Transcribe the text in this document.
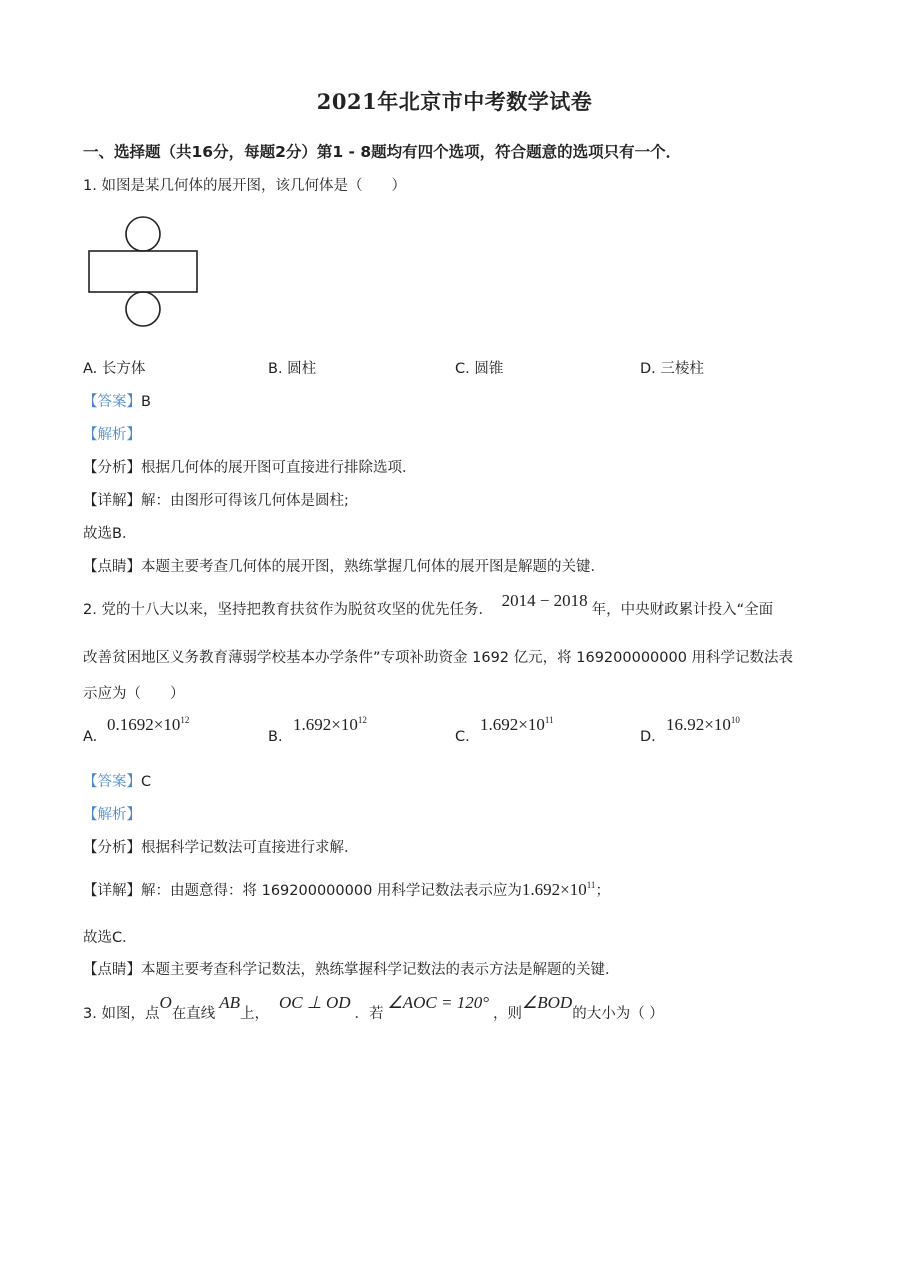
2021年北京市中考数学试卷
一、选择题（共16分，每题2分）第1 - 8题均有四个选项，符合题意的选项只有一个．
1. 如图是某几何体的展开图，该几何体是（　　）
A. 长方体	B. 圆柱	C. 圆锥	D. 三棱柱
【答案】B
【解析】
【分析】根据几何体的展开图可直接进行排除选项．
【详解】解：由图形可得该几何体是圆柱;
故选B．
【点睛】本题主要考查几何体的展开图，熟练掌握几何体的展开图是解题的关键．
2. 党的十八大以来，坚持把教育扶贫作为脱贫攻坚的优先任务． 2014 − 2018 年，中央财政累计投入“全面
改善贫困地区义务教育薄弱学校基本办学条件”专项补助资金 1692 亿元，将 169200000000 用科学记数法表
示应为（　　）
A.
$0.1692\times 10^{12}$
B.
$1.692\times 10^{12}$
C.
$1.692\times 10^{11}$
D.
$16.92\times 10^{10}$
【答案】C
【解析】
【分析】根据科学记数法可直接进行求解．
【详解】解：由题意得：将 169200000000 用科学记数法表示应为$1.692\times 10^{11}$；
故选C．
【点睛】本题主要考查科学记数法，熟练掌握科学记数法的表示方法是解题的关键．
3. 如图，点O在直线AB上，OC ⊥ OD．若∠AOC = 120°，则∠BOD的大小为（ ）
